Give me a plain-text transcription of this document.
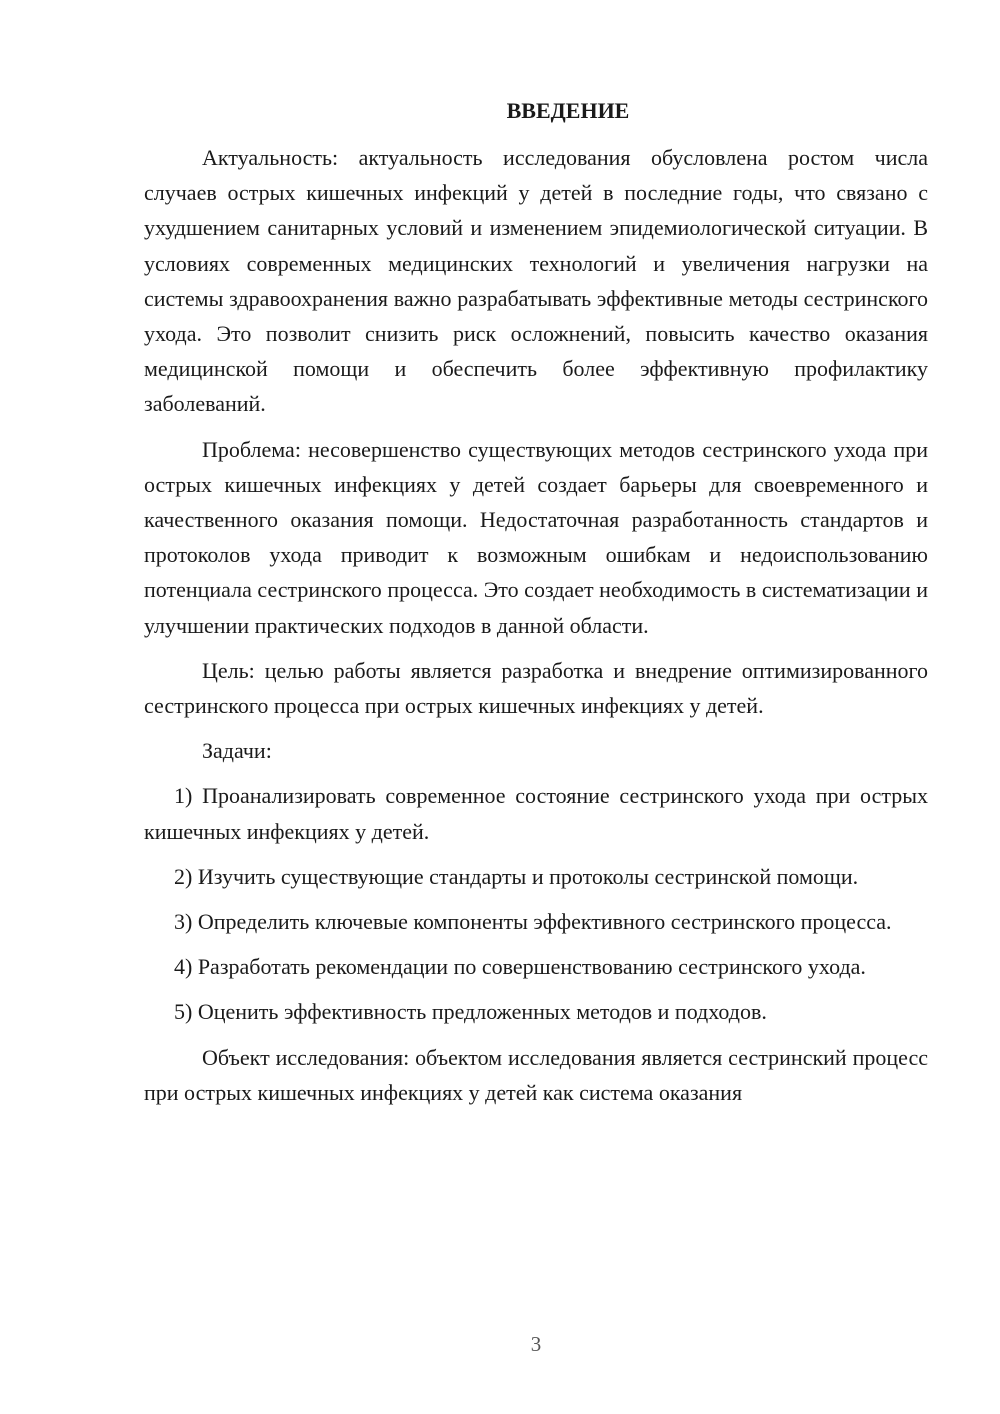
ВВЕДЕНИЕ

Актуальность: актуальность исследования обусловлена ростом числа случаев острых кишечных инфекций у детей в последние годы, что связано с ухудшением санитарных условий и изменением эпидемиологической ситуации. В условиях современных медицинских технологий и увеличения нагрузки на системы здравоохранения важно разрабатывать эффективные методы сестринского ухода. Это позволит снизить риск осложнений, повысить качество оказания медицинской помощи и обеспечить более эффективную профилактику заболеваний.

Проблема: несовершенство существующих методов сестринского ухода при острых кишечных инфекциях у детей создает барьеры для своевременного и качественного оказания помощи. Недостаточная разработанность стандартов и протоколов ухода приводит к возможным ошибкам и недоиспользованию потенциала сестринского процесса. Это создает необходимость в систематизации и улучшении практических подходов в данной области.

Цель: целью работы является разработка и внедрение оптимизированного сестринского процесса при острых кишечных инфекциях у детей.

Задачи:

1) Проанализировать современное состояние сестринского ухода при острых кишечных инфекциях у детей.

2) Изучить существующие стандарты и протоколы сестринской помощи.

3) Определить ключевые компоненты эффективного сестринского процесса.

4) Разработать рекомендации по совершенствованию сестринского ухода.

5) Оценить эффективность предложенных методов и подходов.

Объект исследования: объектом исследования является сестринский процесс при острых кишечных инфекциях у детей как система оказания

3
